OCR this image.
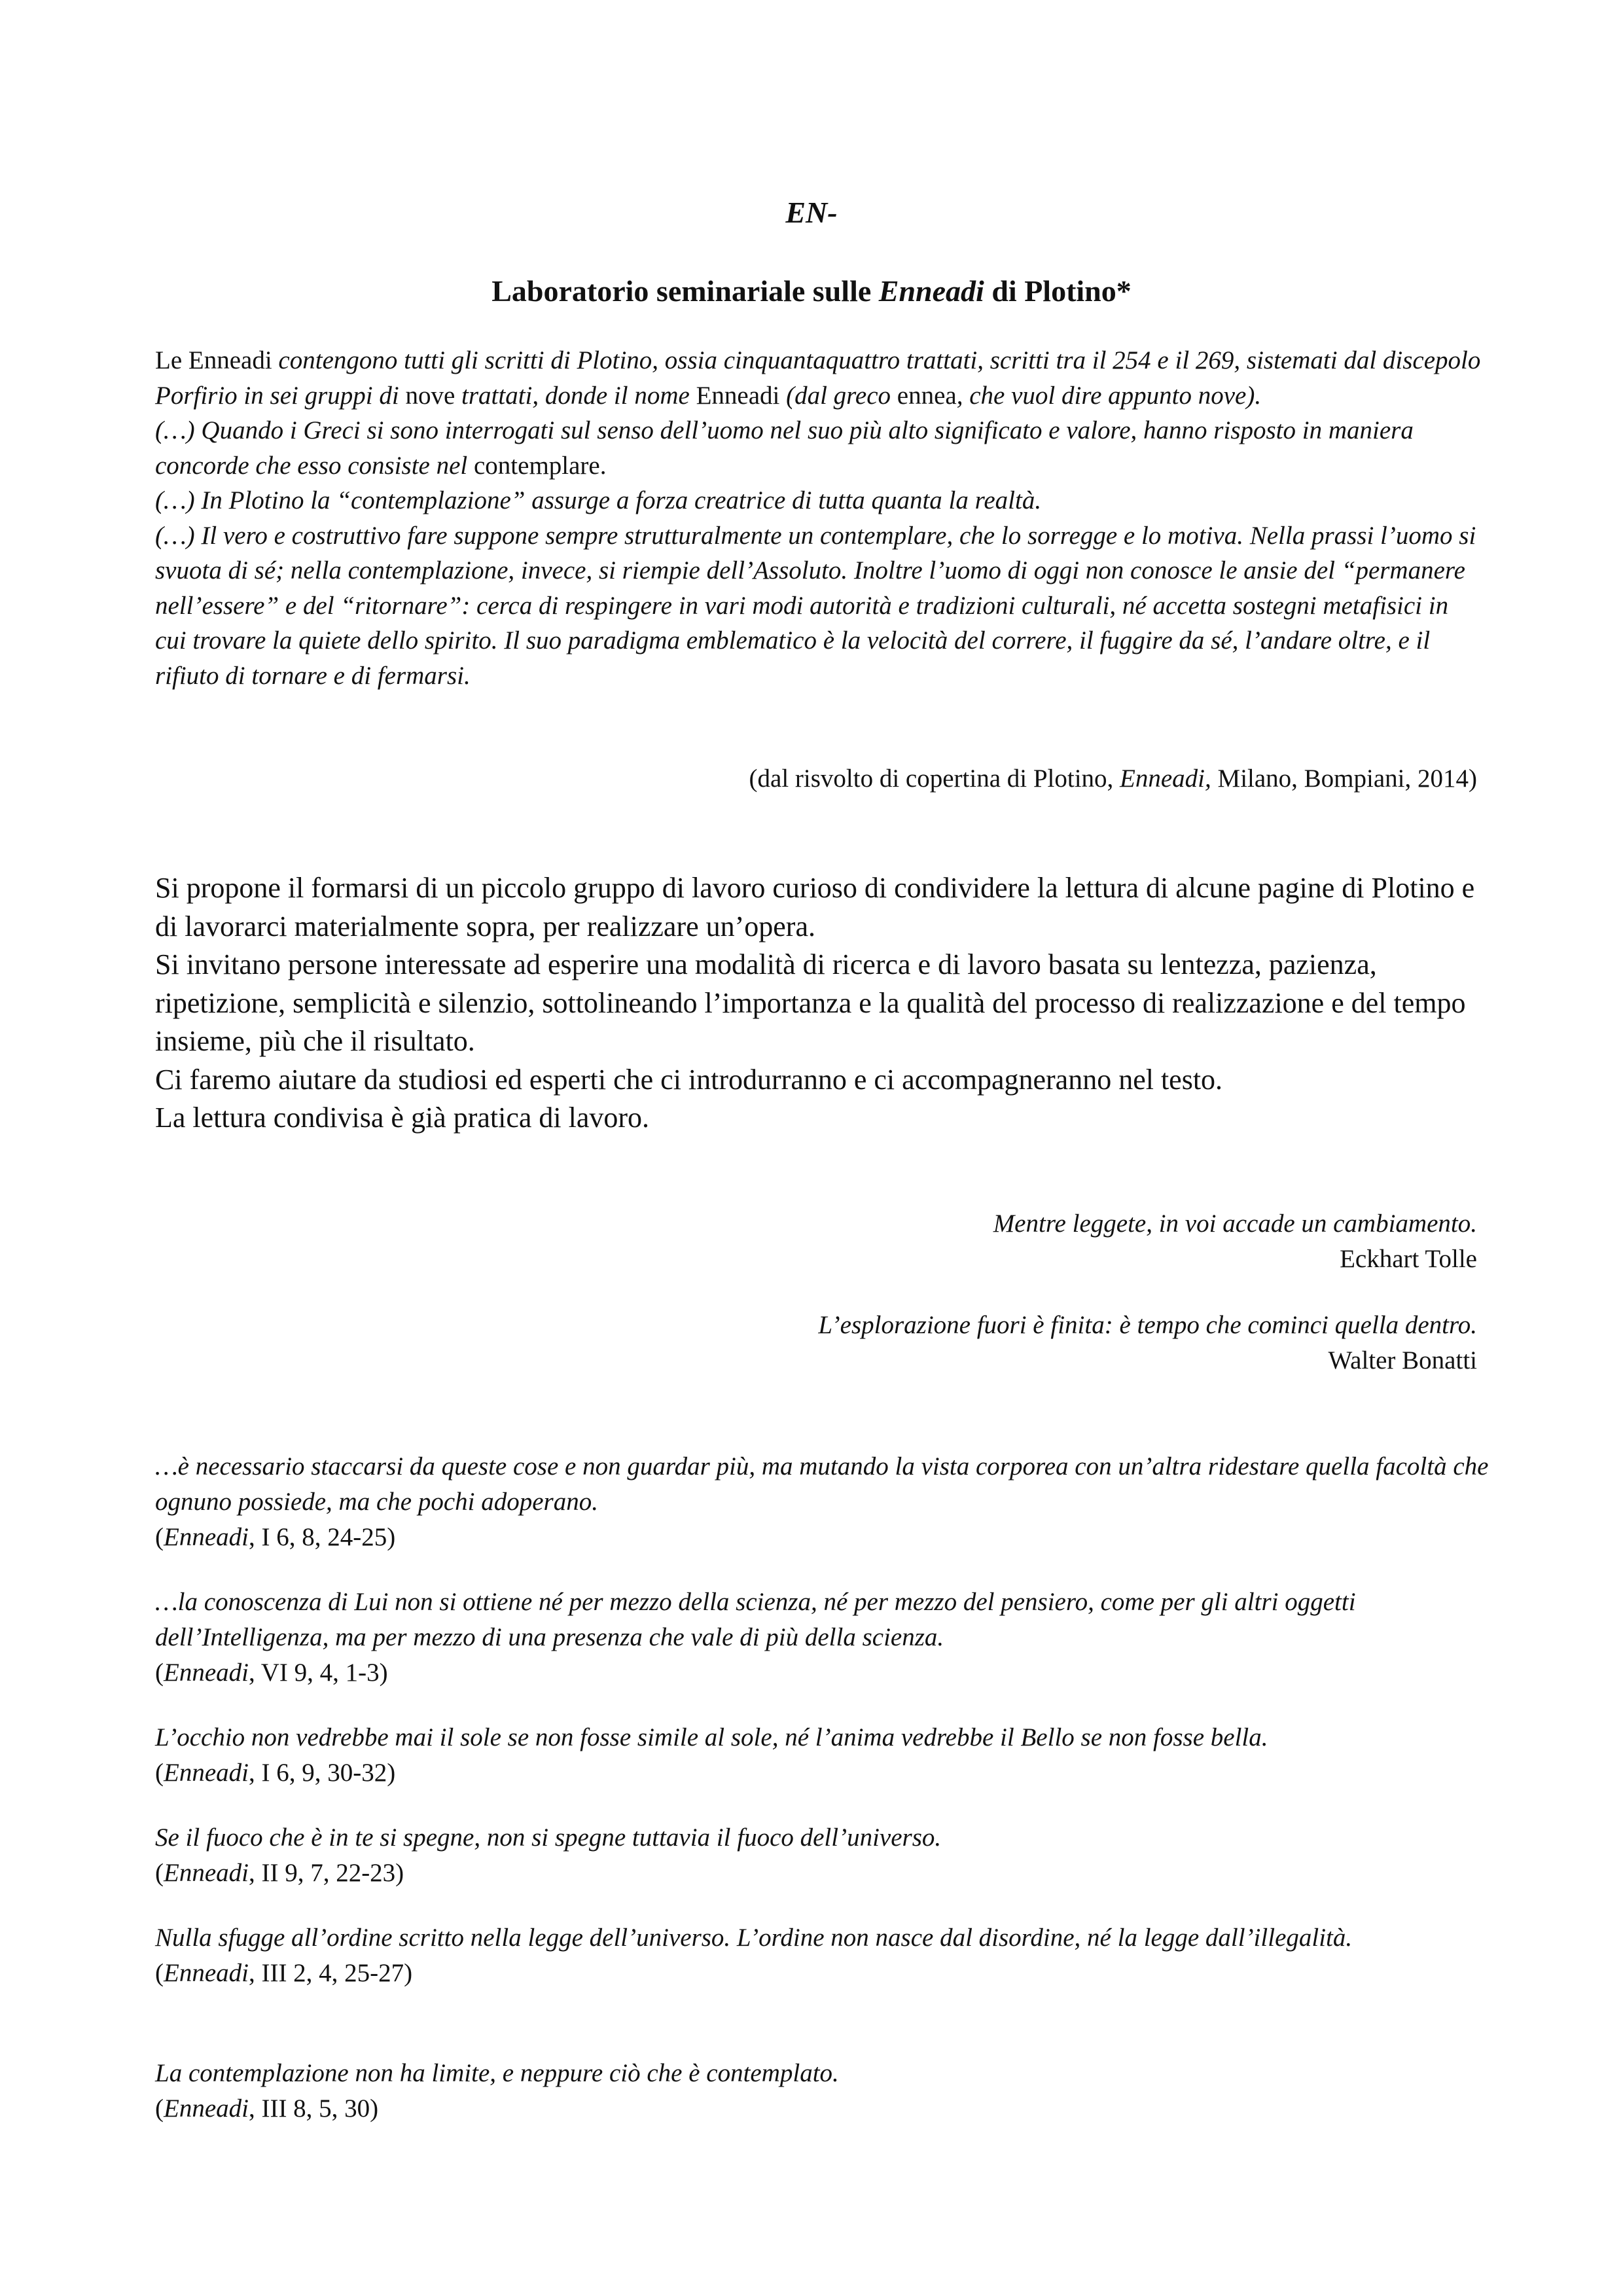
EN-
Laboratorio seminariale sulle Enneadi di Plotino*
Le Enneadi contengono tutti gli scritti di Plotino, ossia cinquantaquattro trattati, scritti tra il 254 e il 269, sistemati dal discepolo Porfirio in sei gruppi di nove trattati, donde il nome Enneadi (dal greco ennea, che vuol dire appunto nove).
(…) Quando i Greci si sono interrogati sul senso dell’uomo nel suo più alto significato e valore, hanno risposto in maniera concorde che esso consiste nel contemplare.
(…) In Plotino la “contemplazione” assurge a forza creatrice di tutta quanta la realtà.
(…) Il vero e costruttivo fare suppone sempre strutturalmente un contemplare, che lo sorregge e lo motiva. Nella prassi l’uomo si svuota di sé; nella contemplazione, invece, si riempie dell’Assoluto. Inoltre l’uomo di oggi non conosce le ansie del “permanere nell’essere” e del “ritornare”: cerca di respingere in vari modi autorità e tradizioni culturali, né accetta sostegni metafisici in cui trovare la quiete dello spirito. Il suo paradigma emblematico è la velocità del correre, il fuggire da sé, l’andare oltre, e il rifiuto di tornare e di fermarsi.
(dal risvolto di copertina di Plotino, Enneadi, Milano, Bompiani, 2014)
Si propone il formarsi di un piccolo gruppo di lavoro curioso di condividere la lettura di alcune pagine di Plotino e di lavorarci materialmente sopra, per realizzare un’opera.
Si invitano persone interessate ad esperire una modalità di ricerca e di lavoro basata su lentezza, pazienza, ripetizione, semplicità e silenzio, sottolineando l’importanza e la qualità del processo di realizzazione e del tempo insieme, più che il risultato.
Ci faremo aiutare da studiosi ed esperti che ci introdurranno e ci accompagneranno nel testo.
La lettura condivisa è già pratica di lavoro.
Mentre leggete, in voi accade un cambiamento.
Eckhart Tolle
L’esplorazione fuori è finita: è tempo che cominci quella dentro.
Walter Bonatti
…è necessario staccarsi da queste cose e non guardar più, ma mutando la vista corporea con un’altra ridestare quella facoltà che ognuno possiede, ma che pochi adoperano.
(Enneadi, I 6, 8, 24-25)
…la conoscenza di Lui non si ottiene né per mezzo della scienza, né per mezzo del pensiero, come per gli altri oggetti dell’Intelligenza, ma per mezzo di una presenza che vale di più della scienza.
(Enneadi, VI 9, 4, 1-3)
L’occhio non vedrebbe mai il sole se non fosse simile al sole, né l’anima vedrebbe il Bello se non fosse bella.
(Enneadi, I 6, 9, 30-32)
Se il fuoco che è in te si spegne, non si spegne tuttavia il fuoco dell’universo.
(Enneadi, II 9, 7, 22-23)
Nulla sfugge all’ordine scritto nella legge dell’universo. L’ordine non nasce dal disordine, né la legge dall’illegalità.
(Enneadi, III 2, 4, 25-27)
La contemplazione non ha limite, e neppure ciò che è contemplato.
(Enneadi, III 8, 5, 30)
